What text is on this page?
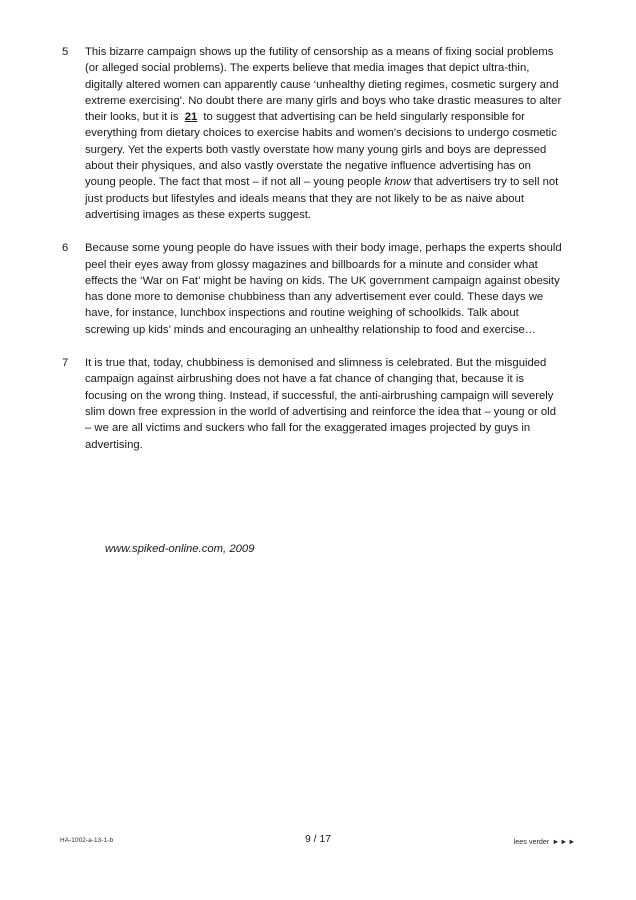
5	This bizarre campaign shows up the futility of censorship as a means of fixing social problems (or alleged social problems). The experts believe that media images that depict ultra-thin, digitally altered women can apparently cause ‘unhealthy dieting regimes, cosmetic surgery and extreme exercising'. No doubt there are many girls and boys who take drastic measures to alter their looks, but it is 21 to suggest that advertising can be held singularly responsible for everything from dietary choices to exercise habits and women's decisions to undergo cosmetic surgery. Yet the experts both vastly overstate how many young girls and boys are depressed about their physiques, and also vastly overstate the negative influence advertising has on young people. The fact that most – if not all – young people know that advertisers try to sell not just products but lifestyles and ideals means that they are not likely to be as naive about advertising images as these experts suggest.
6	Because some young people do have issues with their body image, perhaps the experts should peel their eyes away from glossy magazines and billboards for a minute and consider what effects the ‘War on Fat’ might be having on kids. The UK government campaign against obesity has done more to demonise chubbiness than any advertisement ever could. These days we have, for instance, lunchbox inspections and routine weighing of schoolkids. Talk about screwing up kids’ minds and encouraging an unhealthy relationship to food and exercise…
7	It is true that, today, chubbiness is demonised and slimness is celebrated. But the misguided campaign against airbrushing does not have a fat chance of changing that, because it is focusing on the wrong thing. Instead, if successful, the anti-airbrushing campaign will severely slim down free expression in the world of advertising and reinforce the idea that – young or old – we are all victims and suckers who fall for the exaggerated images projected by guys in advertising.
www.spiked-online.com, 2009
HA-1002-a-13-1-b	9 / 17	lees verder ►►►
